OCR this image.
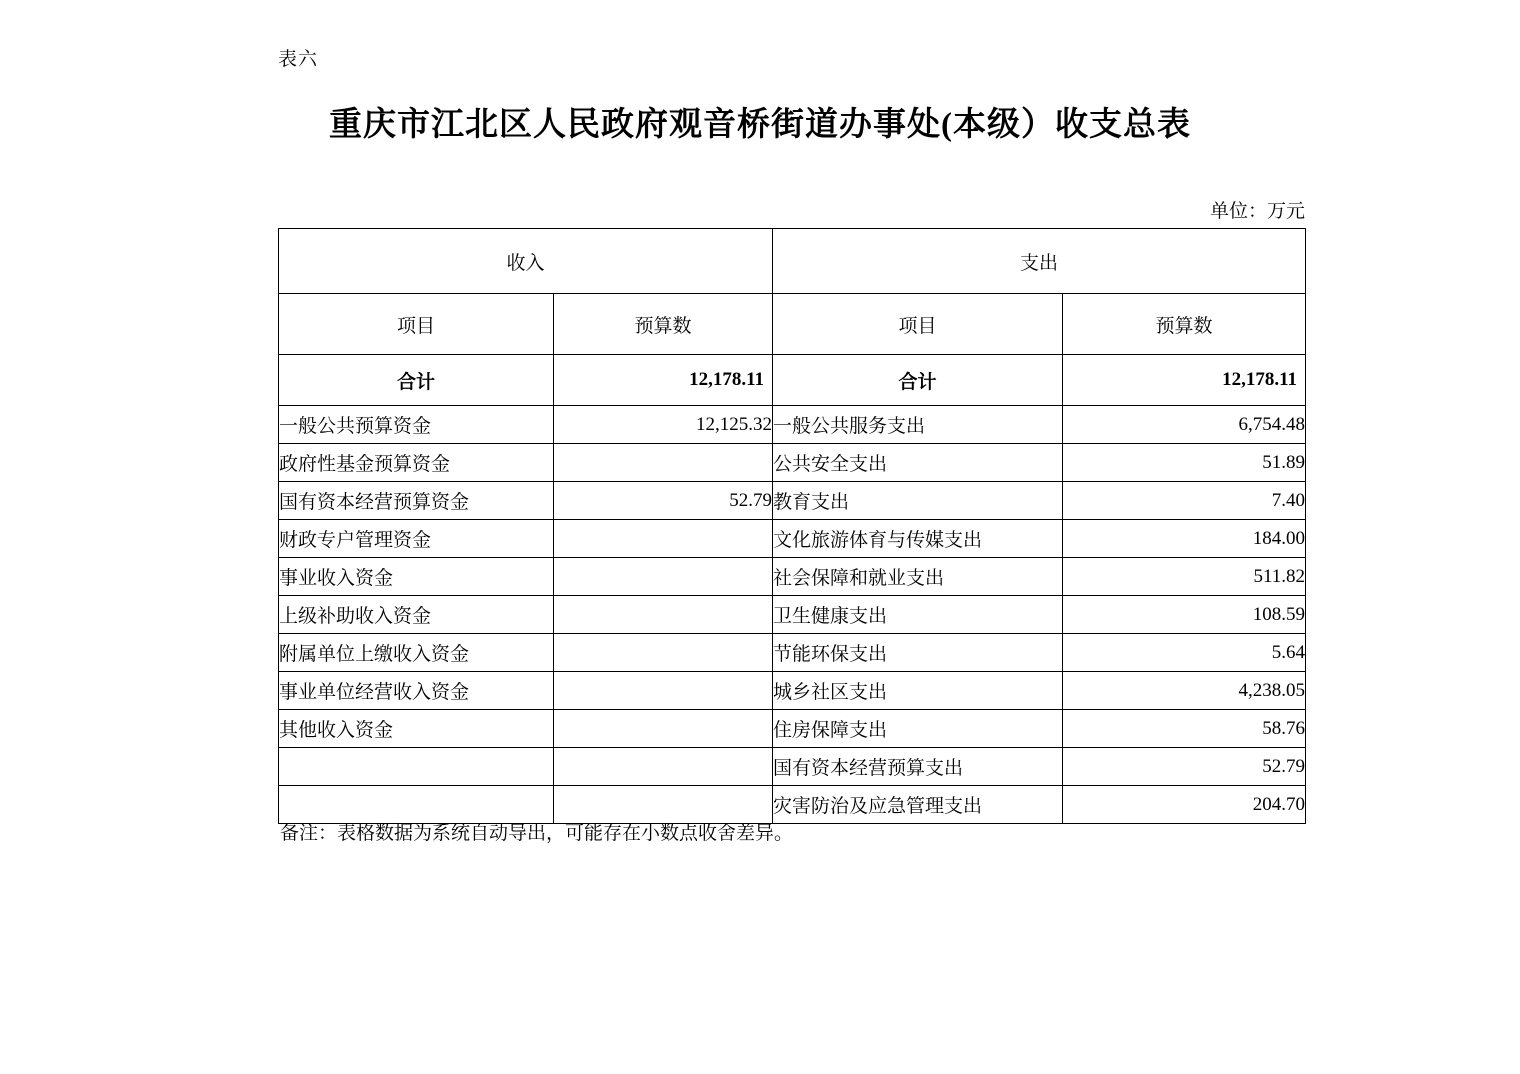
表六
重庆市江北区人民政府观音桥街道办事处(本级）收支总表
单位：万元
收入		支出	
项目	预算数	项目	预算数
合计	12,178.11	合计	12,178.11
一般公共预算资金	12,125.32	一般公共服务支出	6,754.48
政府性基金预算资金		公共安全支出	51.89
国有资本经营预算资金	52.79	教育支出	7.40
财政专户管理资金		文化旅游体育与传媒支出	184.00
事业收入资金		社会保障和就业支出	511.82
上级补助收入资金		卫生健康支出	108.59
附属单位上缴收入资金		节能环保支出	5.64
事业单位经营收入资金		城乡社区支出	4,238.05
其他收入资金		住房保障支出	58.76
		国有资本经营预算支出	52.79
		灾害防治及应急管理支出	204.70
备注：表格数据为系统自动导出，可能存在小数点收舍差异。
